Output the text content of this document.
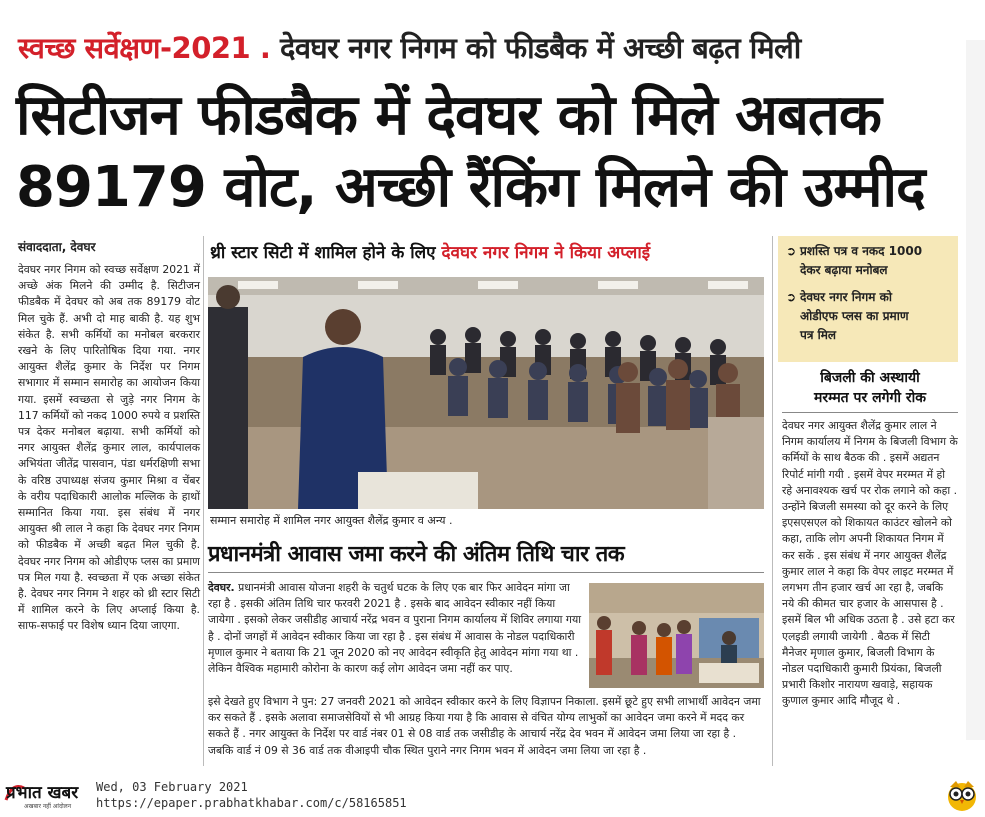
स्वच्छ सर्वेक्षण-2021 . देवघर नगर निगम को फीडबैक में अच्छी बढ़त मिली
सिटीजन फीडबैक में देवघर को मिले अबतक
89179 वोट, अच्छी रैंकिंग मिलने की उम्मीद
संवाददाता, देवघर
देवघर नगर निगम को स्वच्छ सर्वेक्षण 2021 में अच्छे अंक मिलने की उम्मीद है. सिटीजन फीडबैक में देवघर को अब तक 89179 वोट मिल चुके हैं. अभी दो माह बाकी है. यह शुभ संकेत है. सभी कर्मियों का मनोबल बरकरार रखने के लिए पारितोषिक दिया गया. नगर आयुक्त शैलेंद्र कुमार के निर्देश पर निगम सभागार में सम्मान समारोह का आयोजन किया गया. इसमें स्वच्छता से जुड़े नगर निगम के 117 कर्मियों को नकद 1000 रुपये व प्रशस्ति पत्र देकर मनोबल बढ़ाया. सभी कर्मियों को नगर आयुक्त शैलेंद्र कुमार लाल, कार्यपालक अभियंता जीतेंद्र पासवान, पंडा धर्मरक्षिणी सभा के वरिष्ठ उपाध्यक्ष संजय कुमार मिश्रा व चेंबर के वरीय पदाधिकारी आलोक मल्लिक के हाथों सम्मानित किया गया. इस संबंध में नगर आयुक्त श्री लाल ने कहा कि देवघर नगर निगम को फीडबैक में अच्छी बढ़त मिल चुकी है. देवघर नगर निगम को ओडीएफ प्लस का प्रमाण पत्र मिल गया है. स्वच्छता में एक अच्छा संकेत है. देवघर नगर निगम ने शहर को थ्री स्टार सिटी में शामिल करने के लिए अप्लाई किया है. साफ-सफाई पर विशेष ध्यान दिया जाएगा.
थ्री स्टार सिटी में शामिल होने के लिए देवघर नगर निगम ने किया अप्लाई
सम्मान समारोह में शामिल नगर आयुक्त शैलेंद्र कुमार व अन्य .
प्रधानमंत्री आवास जमा करने की अंतिम तिथि चार तक
देवघर. प्रधानमंत्री आवास योजना शहरी के चतुर्थ घटक के लिए एक बार फिर आवेदन मांगा जा रहा है . इसकी अंतिम तिथि चार फरवरी 2021 है . इसके बाद आवेदन स्वीकार नहीं किया जायेगा . इसको लेकर जसीडीह आचार्य नरेंद्र भवन व पुराना निगम कार्यालय में शिविर लगाया गया है . दोनों जगहों में आवेदन स्वीकार किया जा रहा है . इस संबंध में आवास के नोडल पदाधिकारी मृणाल कुमार ने बताया कि 21 जून 2020 को नए आवेदन स्वीकृति हेतु आवेदन मांगा गया था . लेकिन वैश्विक महामारी कोरोना के कारण कई लोग आवेदन जमा नहीं कर पाए.
इसे देखते हुए विभाग ने पुन: 27 जनवरी 2021 को आवेदन स्वीकार करने के लिए विज्ञापन निकाला. इसमें छूटे हुए सभी लाभार्थी आवेदन जमा कर सकते हैं . इसके अलावा समाजसेवियों से भी आग्रह किया गया है कि आवास से वंचित योग्य लाभुकों का आवेदन जमा करने में मदद कर सकते हैं . नगर आयुक्त के निर्देश पर वार्ड नंबर 01 से 08 वार्ड तक जसीडीह के आचार्य नरेंद्र देव भवन में आवेदन जमा लिया जा रहा है . जबकि वार्ड नं 09 से 36 वार्ड तक वीआइपी चौक स्थित पुराने नगर निगम भवन में आवेदन जमा लिया जा रहा है .
➲ प्रशस्ति पत्र व नकद 1000
देकर बढ़ाया मनोबल
➲ देवघर नगर निगम को
ओडीएफ प्लस का प्रमाण
पत्र मिल
बिजली की अस्थायी
मरम्मत पर लगेगी रोक
देवघर नगर आयुक्त शैलेंद्र कुमार लाल ने निगम कार्यालय में निगम के बिजली विभाग के कर्मियों के साथ बैठक की . इसमें अद्यतन रिपोर्ट मांगी गयी . इसमें वेपर मरम्मत में हो रहे अनावश्यक खर्च पर रोक लगाने को कहा . उन्होंने बिजली समस्या को दूर करने के लिए इएसएसएल को शिकायत काउंटर खोलने को कहा, ताकि लोग अपनी शिकायत निगम में कर सकें . इस संबंध में नगर आयुक्त शैलेंद्र कुमार लाल ने कहा कि वेपर लाइट मरम्मत में लगभग तीन हजार खर्च आ रहा है, जबकि नये की कीमत चार हजार के आसपास है . इसमें बिल भी अधिक उठता है . उसे हटा कर एलइडी लगायी जायेगी . बैठक में सिटी मैनेजर मृणाल कुमार, बिजली विभाग के नोडल पदाधिकारी कुमारी प्रियंका, बिजली प्रभारी किशोर नारायण खवाड़े, सहायक कुणाल कुमार आदि मौजूद थे .
प्रभात खबर
अखबार नहीं आंदोलन
Wed, 03 February 2021
https://epaper.prabhatkhabar.com/c/58165851
